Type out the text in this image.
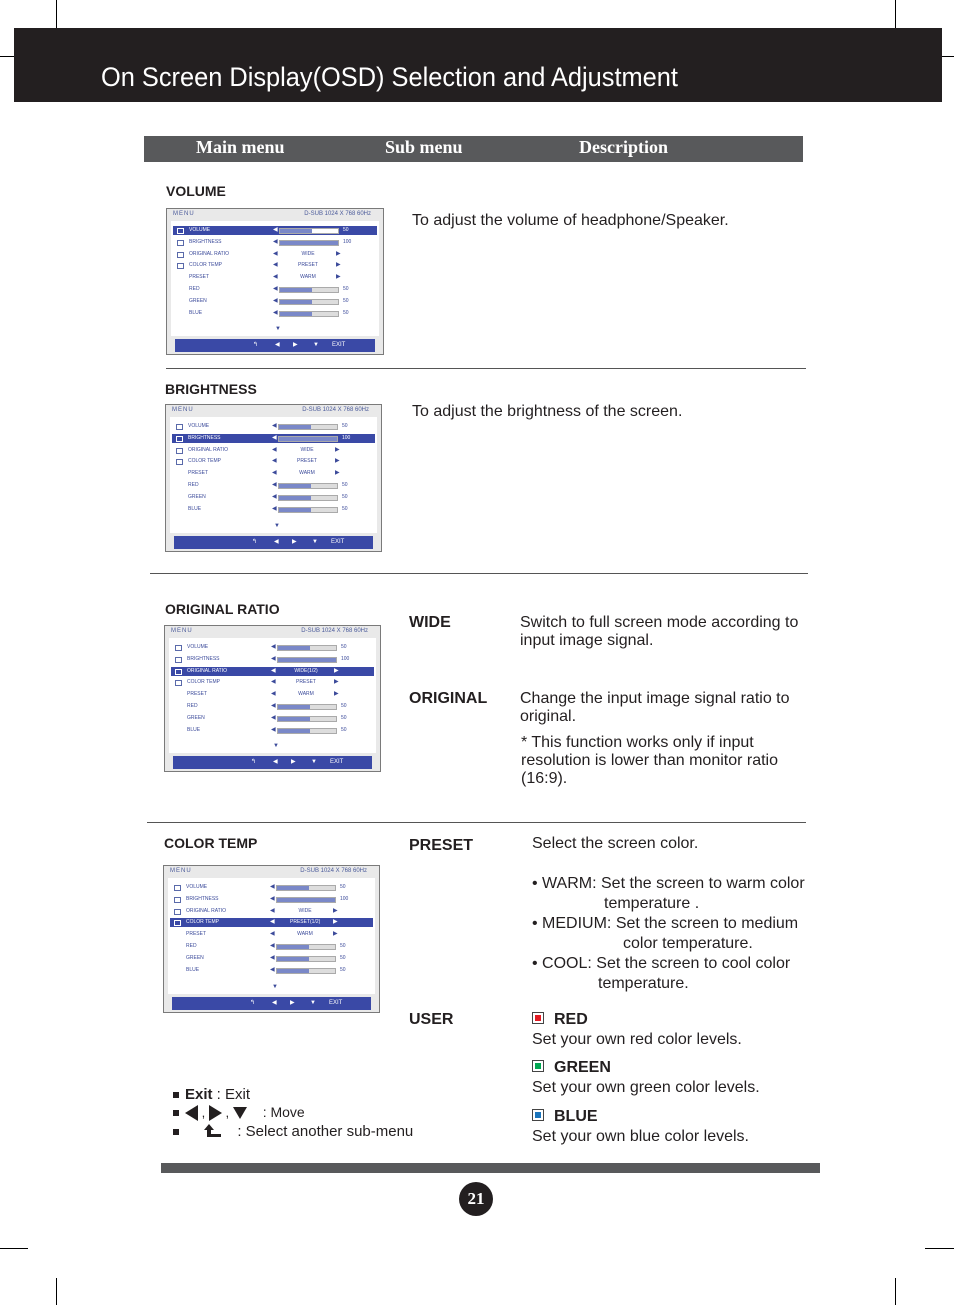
On Screen Display(OSD) Selection and Adjustment
Main menu	Sub menu	Description
VOLUME
To adjust the volume of headphone/Speaker.
MENU	D-SUB 1024 X 768 60Hz
VOLUME	◀	50
BRIGHTNESS	◀	100
ORIGINAL RATIO	◀	WIDE	▶
COLOR TEMP	◀	PRESET	▶
PRESET	◀	WARM	▶
RED	◀	50
GREEN	◀	50
BLUE	◀	50
▼
↰	◀ ▶	▼ EXIT
BRIGHTNESS
To adjust the brightness of the screen.
MENU	D-SUB 1024 X 768 60Hz
VOLUME	◀	50
BRIGHTNESS	◀	100
ORIGINAL RATIO	◀	WIDE	▶
COLOR TEMP	◀	PRESET	▶
PRESET	◀	WARM	▶
RED	◀	50
GREEN	◀	50
BLUE	◀	50
▼
↰	◀ ▶	▼ EXIT
ORIGINAL RATIO
MENU	D-SUB 1024 X 768 60Hz
VOLUME	◀	50
BRIGHTNESS	◀	100
ORIGINAL RATIO	◀	WIDE(1/2)	▶
COLOR TEMP	◀	PRESET	▶
PRESET	◀	WARM	▶
RED	◀	50
GREEN	◀	50
BLUE	◀	50
▼
↰	◀ ▶	▼ EXIT
WIDE	Switch to full screen mode according to input image signal.
ORIGINAL Change the input image signal ratio to original.
* This function works only if input resolution is lower than monitor ratio (16:9).
COLOR TEMP
MENU	D-SUB 1024 X 768 60Hz
VOLUME	◀	50
BRIGHTNESS	◀	100
ORIGINAL RATIO	◀	WIDE	▶
COLOR TEMP	◀	PRESET(1/2) ▶
PRESET	◀	WARM	▶
RED	◀	50
GREEN	◀	50
BLUE	◀	50
▼
↰	◀ ▶	▼ EXIT
PRESET	Select the screen color.
• WARM: Set the screen to warm color
temperature .
• MEDIUM: Set the screen to medium
color temperature.
• COOL: Set the screen to cool color
temperature.
USER	RED
Set your own red color levels.
GREEN
Set your own green color levels.
BLUE
Set your own blue color levels.
Exit : Exit
,  , : Move
: Select another sub-menu
21
